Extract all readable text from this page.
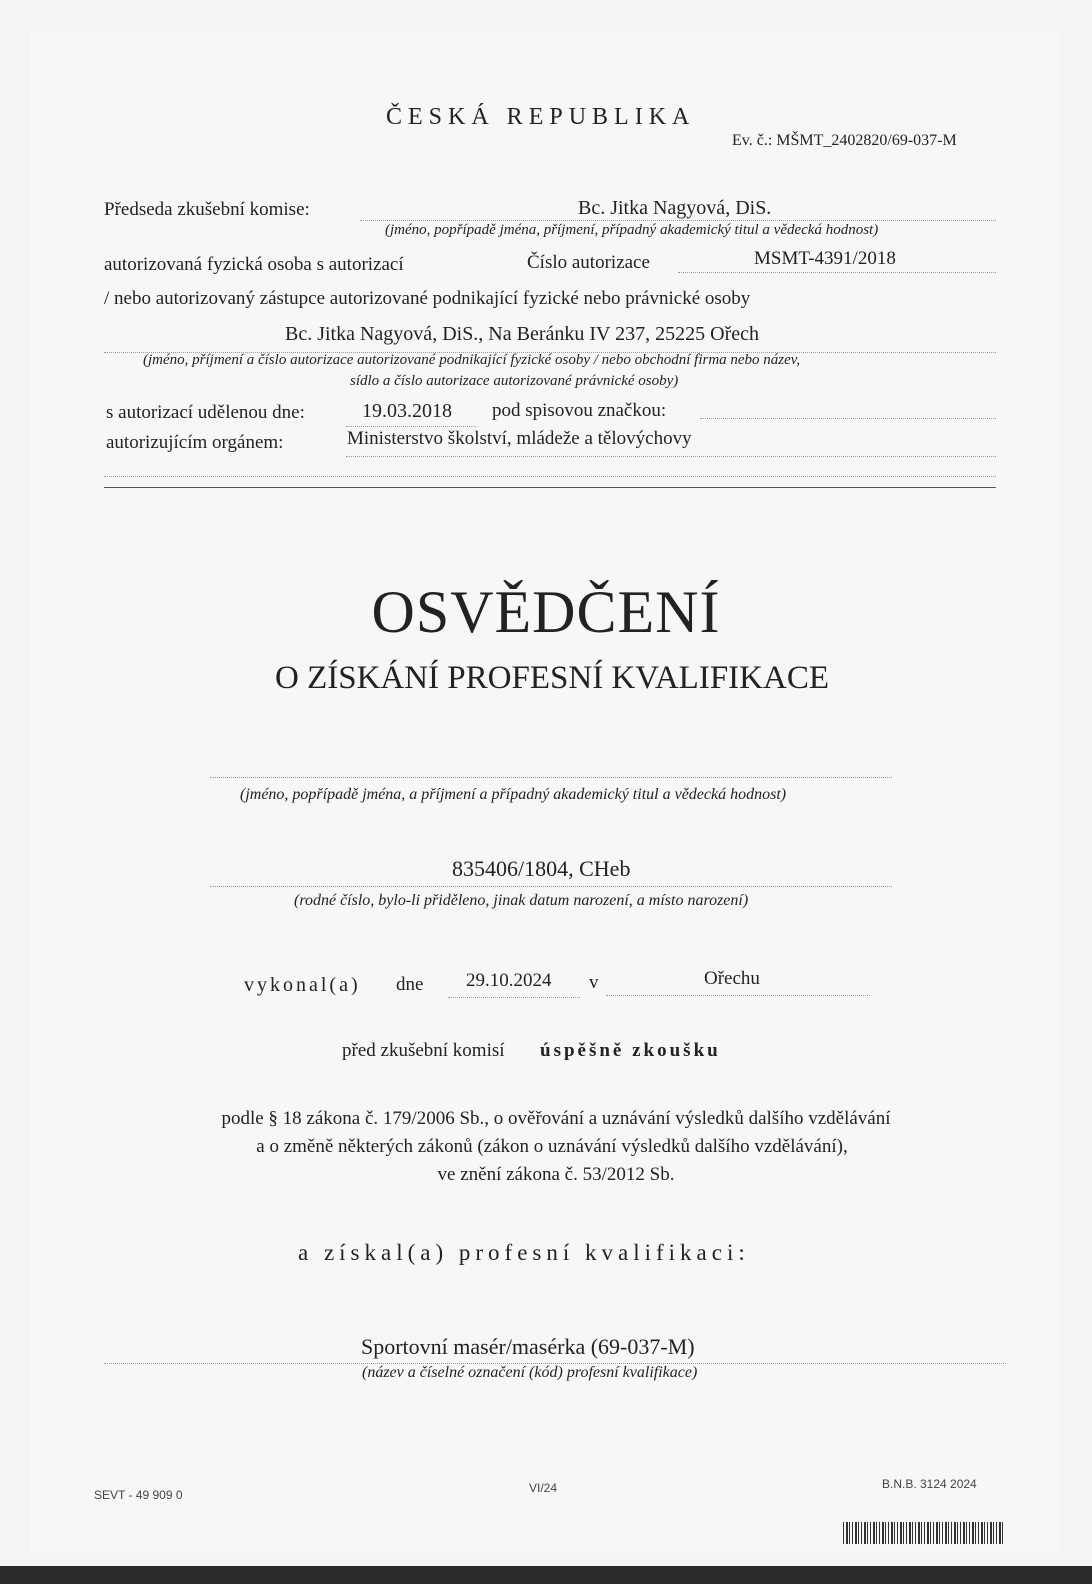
ČESKÁ REPUBLIKA
Ev. č.: MŠMT_2402820/69-037-M
Předseda zkušební komise:	Bc. Jitka Nagyová, DiS.
(jméno, popřípadě jména, příjmení, případný akademický titul a vědecká hodnost)
autorizovaná fyzická osoba s autorizací	Číslo autorizace	MSMT-4391/2018
/ nebo autorizovaný zástupce autorizované podnikající fyzické nebo právnické osoby
Bc. Jitka Nagyová, DiS., Na Beránku IV 237, 25225 Ořech
(jméno, příjmení a číslo autorizace autorizované podnikající fyzické osoby / nebo obchodní firma nebo název,
sídlo a číslo autorizace autorizované právnické osoby)
s autorizací udělenou dne:	19.03.2018 pod spisovou značkou:
autorizujícím orgánem:	Ministerstvo školství, mládeže a tělovýchovy
OSVĚDČENÍ
O ZÍSKÁNÍ PROFESNÍ KVALIFIKACE
(jméno, popřípadě jména, a příjmení a případný akademický titul a vědecká hodnost)
835406/1804, CHeb
(rodné číslo, bylo-li přiděleno, jinak datum narození, a místo narození)
vykonal(a) dne 29.10.2024 v	Ořechu
před zkušební komisí úspěšně zkoušku
podle § 18 zákona č. 179/2006 Sb., o ověřování a uznávání výsledků dalšího vzdělávání
a o změně některých zákonů (zákon o uznávání výsledků dalšího vzdělávání),
ve znění zákona č. 53/2012 Sb.
a získal(a) profesní kvalifikaci:
Sportovní masér/masérka (69-037-M)
(název a číselné označení (kód) profesní kvalifikace)
SEVT - 49 909 0	VI/24	B.N.B. 3124 2024
